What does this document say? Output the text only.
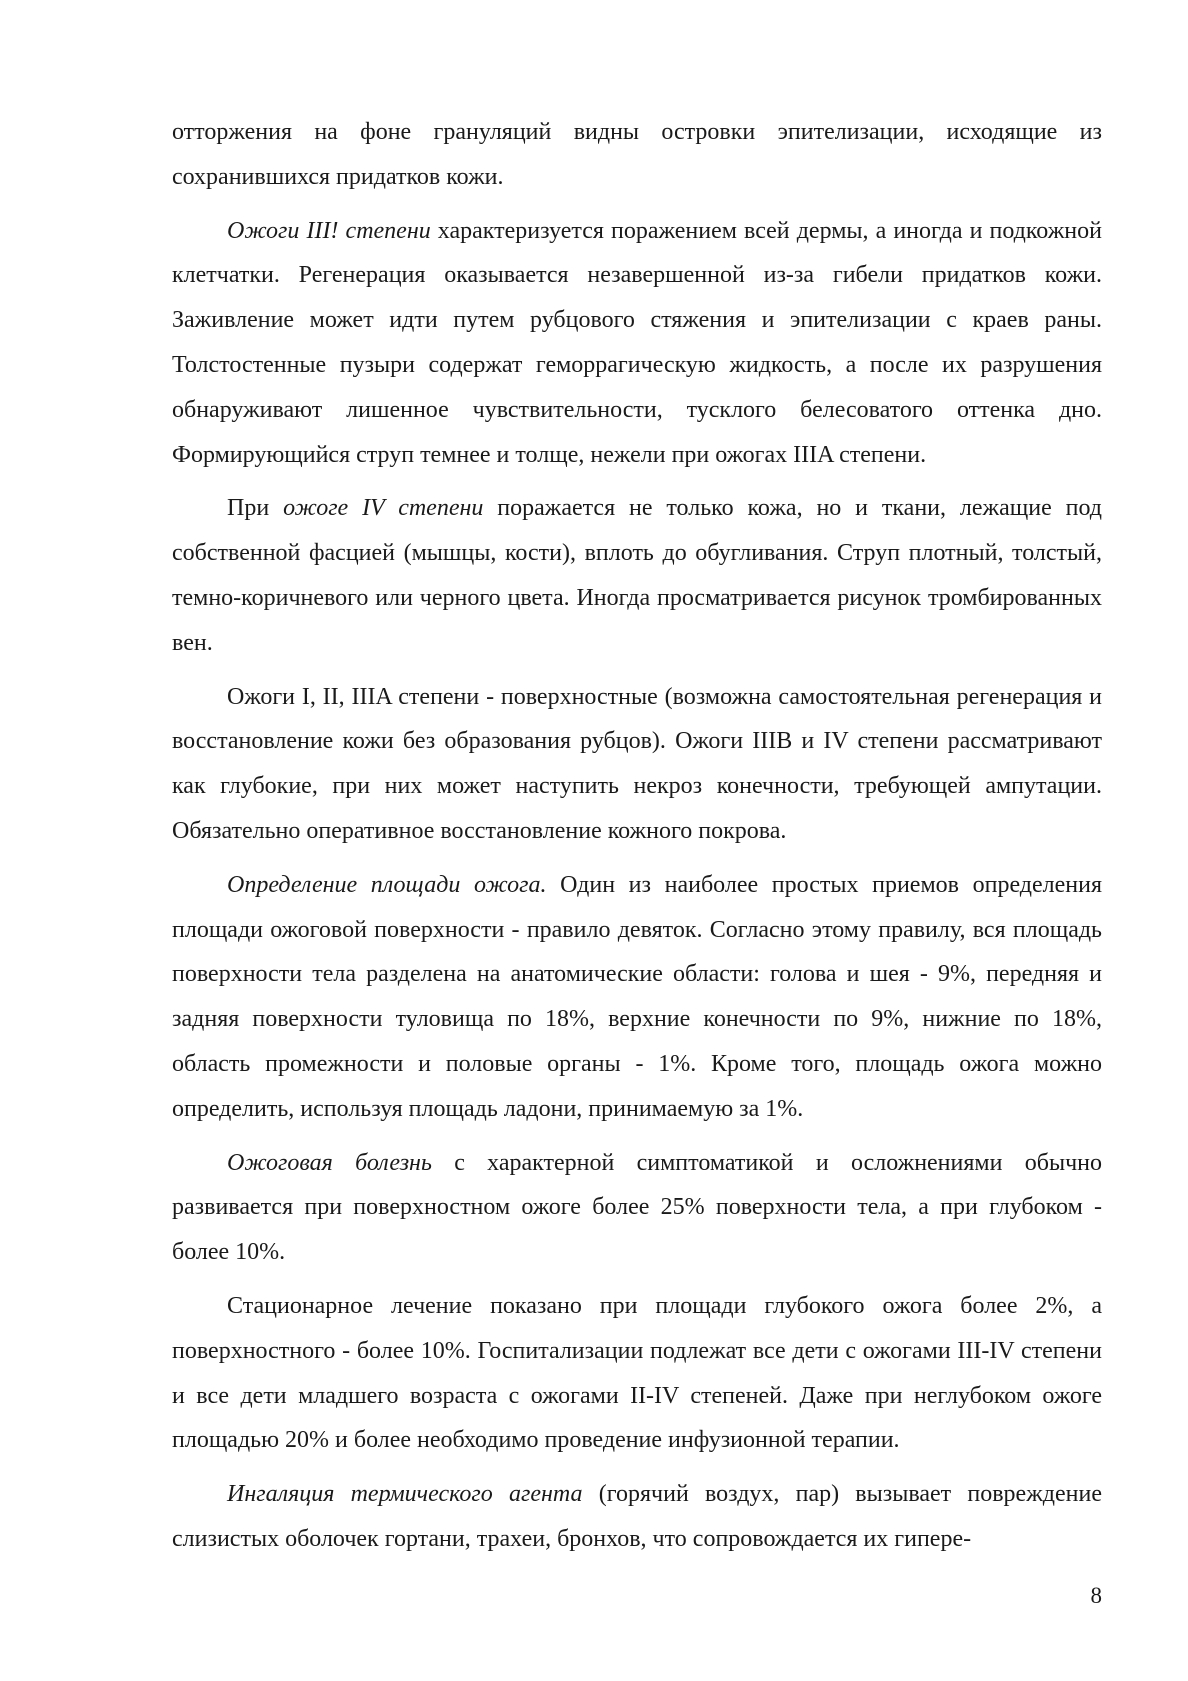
отторжения на фоне грануляций видны островки эпителизации, исходящие из сохранившихся придатков кожи.

Ожоги III! степени характеризуется поражением всей дермы, а иногда и подкожной клетчатки. Регенерация оказывается незавершенной из-за гибели придатков кожи. Заживление может идти путем рубцового стяжения и эпителизации с краев раны. Толстостенные пузыри содержат геморрагическую жидкость, а после их разрушения обнаруживают лишенное чувствительности, тусклого белесоватого оттенка дно. Формирующийся струп темнее и толще, нежели при ожогах IIIA степени.

При ожоге IV степени поражается не только кожа, но и ткани, лежащие под собственной фасцией (мышцы, кости), вплоть до обугливания. Струп плотный, толстый, темно-коричневого или черного цвета. Иногда просматривается рисунок тромбированных вен.

Ожоги I, II, IIIA степени - поверхностные (возможна самостоятельная регенерация и восстановление кожи без образования рубцов). Ожоги IIIB и IV степени рассматривают как глубокие, при них может наступить некроз конечности, требующей ампутации. Обязательно оперативное восстановление кожного покрова.

Определение площади ожога. Один из наиболее простых приемов определения площади ожоговой поверхности - правило девяток. Согласно этому правилу, вся площадь поверхности тела разделена на анатомические области: голова и шея - 9%, передняя и задняя поверхности туловища по 18%, верхние конечности по 9%, нижние по 18%, область промежности и половые органы - 1%. Кроме того, площадь ожога можно определить, используя площадь ладони, принимаемую за 1%.

Ожоговая болезнь с характерной симптоматикой и осложнениями обычно развивается при поверхностном ожоге более 25% поверхности тела, а при глубоком - более 10%.

Стационарное лечение показано при площади глубокого ожога более 2%, а поверхностного - более 10%. Госпитализации подлежат все дети с ожогами III-IV степени и все дети младшего возраста с ожогами II-IV степеней. Даже при неглубоком ожоге площадью 20% и более необходимо проведение инфузионной терапии.

Ингаляция термического агента (горячий воздух, пар) вызывает повреждение слизистых оболочек гортани, трахеи, бронхов, что сопровождается их гипере-

8
